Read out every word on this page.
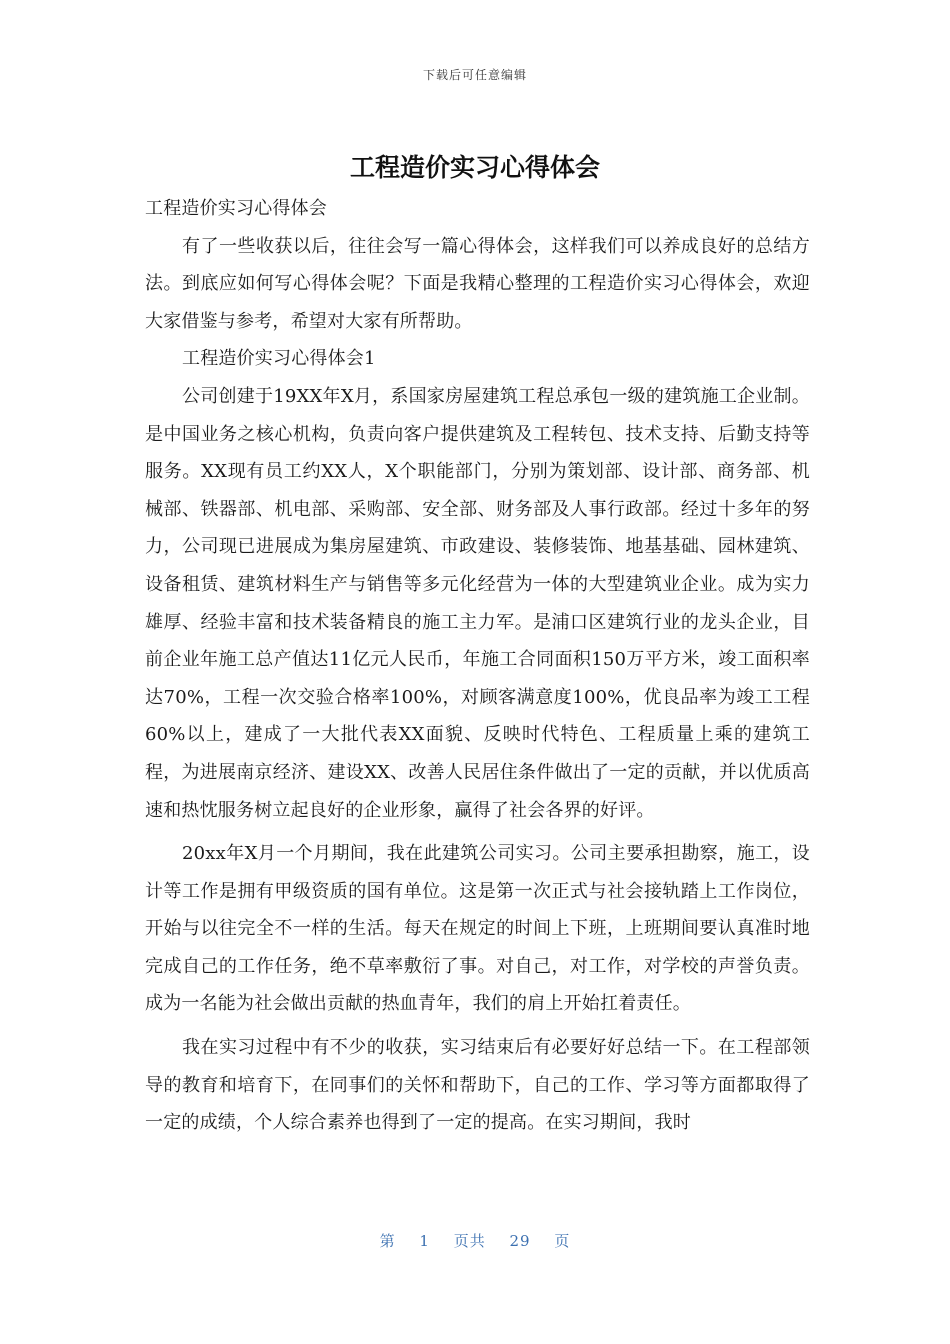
下载后可任意编辑
工程造价实习心得体会

工程造价实习心得体会

有了一些收获以后，往往会写一篇心得体会，这样我们可以养成良好的总结方法。到底应如何写心得体会呢？下面是我精心整理的工程造价实习心得体会，欢迎大家借鉴与参考，希望对大家有所帮助。

工程造价实习心得体会1

公司创建于19XX年X月，系国家房屋建筑工程总承包一级的建筑施工企业制。是中国业务之核心机构，负责向客户提供建筑及工程转包、技术支持、后勤支持等服务。XX现有员工约XX人，X个职能部门，分别为策划部、设计部、商务部、机械部、铁器部、机电部、采购部、安全部、财务部及人事行政部。经过十多年的努力，公司现已进展成为集房屋建筑、市政建设、装修装饰、地基基础、园林建筑、设备租赁、建筑材料生产与销售等多元化经营为一体的大型建筑业企业。成为实力雄厚、经验丰富和技术装备精良的施工主力军。是浦口区建筑行业的龙头企业，目前企业年施工总产值达11亿元人民币，年施工合同面积150万平方米，竣工面积率达70%，工程一次交验合格率100%，对顾客满意度100%，优良品率为竣工工程60%以上，建成了一大批代表XX面貌、反映时代特色、工程质量上乘的建筑工程，为进展南京经济、建设XX、改善人民居住条件做出了一定的贡献，并以优质高速和热忱服务树立起良好的企业形象，赢得了社会各界的好评。

20xx年X月一个月期间，我在此建筑公司实习。公司主要承担勘察，施工，设计等工作是拥有甲级资质的国有单位。这是第一次正式与社会接轨踏上工作岗位，开始与以往完全不一样的生活。每天在规定的时间上下班，上班期间要认真准时地完成自己的工作任务，绝不草率敷衍了事。对自己，对工作，对学校的声誉负责。成为一名能为社会做出贡献的热血青年，我们的肩上开始扛着责任。

我在实习过程中有不少的收获，实习结束后有必要好好总结一下。在工程部领导的教育和培育下，在同事们的关怀和帮助下，自己的工作、学习等方面都取得了一定的成绩，个人综合素养也得到了一定的提高。在实习期间，我时

第 1 页共 29 页
